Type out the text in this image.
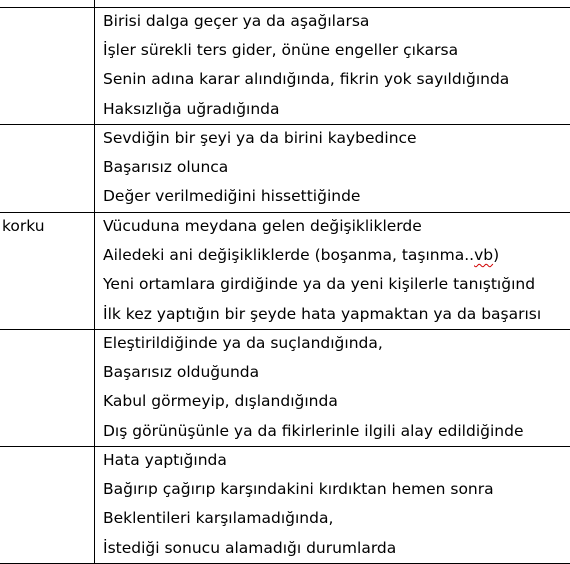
Birisi dalga geçer ya da aşağılarsa
İşler sürekli ters gider, önüne engeller çıkarsa
Senin adına karar alındığında, fikrin yok sayıldığında
Haksızlığa uğradığında
Sevdiğin bir şeyi ya da birini kaybedince
Başarısız olunca
Değer verilmediğini hissettiğinde
korku	Vücuduna meydana gelen değişikliklerde
Ailedeki ani değişikliklerde (boşanma, taşınma..vb)
Yeni ortamlara girdiğinde ya da yeni kişilerle tanıştığınd
İlk kez yaptığın bir şeyde hata yapmaktan ya da başarısı
Eleştirildiğinde ya da suçlandığında,
Başarısız olduğunda
Kabul görmeyip, dışlandığında
Dış görünüşünle ya da fikirlerinle ilgili alay edildiğinde
Hata yaptığında
Bağırıp çağırıp karşındakini kırdıktan hemen sonra
Beklentileri karşılamadığında,
İstediği sonucu alamadığı durumlarda
